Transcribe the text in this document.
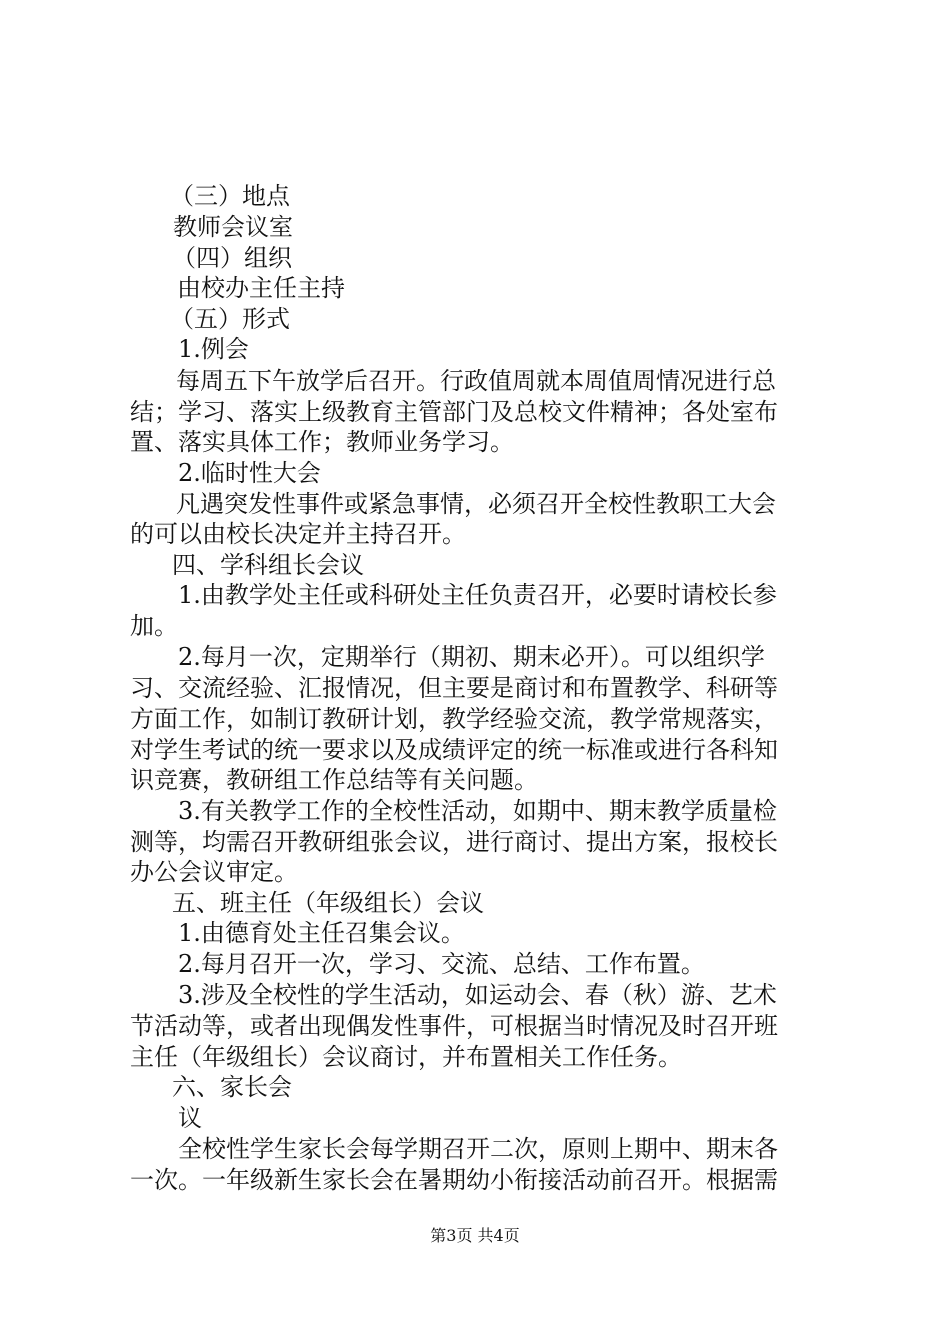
（三）地点
教师会议室
（四）组织
由校办主任主持
（五）形式
1.例会
每周五下午放学后召开。行政值周就本周值周情况进行总
结；学习、落实上级教育主管部门及总校文件精神；各处室布
置、落实具体工作；教师业务学习。
2.临时性大会
凡遇突发性事件或紧急事情，必须召开全校性教职工大会
的可以由校长决定并主持召开。
四、学科组长会议
1.由教学处主任或科研处主任负责召开，必要时请校长参
加。
2.每月一次，定期举行（期初、期末必开）。可以组织学
习、交流经验、汇报情况，但主要是商讨和布置教学、科研等
方面工作，如制订教研计划，教学经验交流，教学常规落实，
对学生考试的统一要求以及成绩评定的统一标准或进行各科知
识竞赛，教研组工作总结等有关问题。
3.有关教学工作的全校性活动，如期中、期末教学质量检
测等，均需召开教研组张会议，进行商讨、提出方案，报校长
办公会议审定。
五、班主任（年级组长）会议
1.由德育处主任召集会议。
2.每月召开一次，学习、交流、总结、工作布置。
3.涉及全校性的学生活动，如运动会、春（秋）游、艺术
节活动等，或者出现偶发性事件，可根据当时情况及时召开班
主任（年级组长）会议商讨，并布置相关工作任务。
六、家长会
议
全校性学生家长会每学期召开二次，原则上期中、期末各
一次。一年级新生家长会在暑期幼小衔接活动前召开。根据需
第3页 共4页
